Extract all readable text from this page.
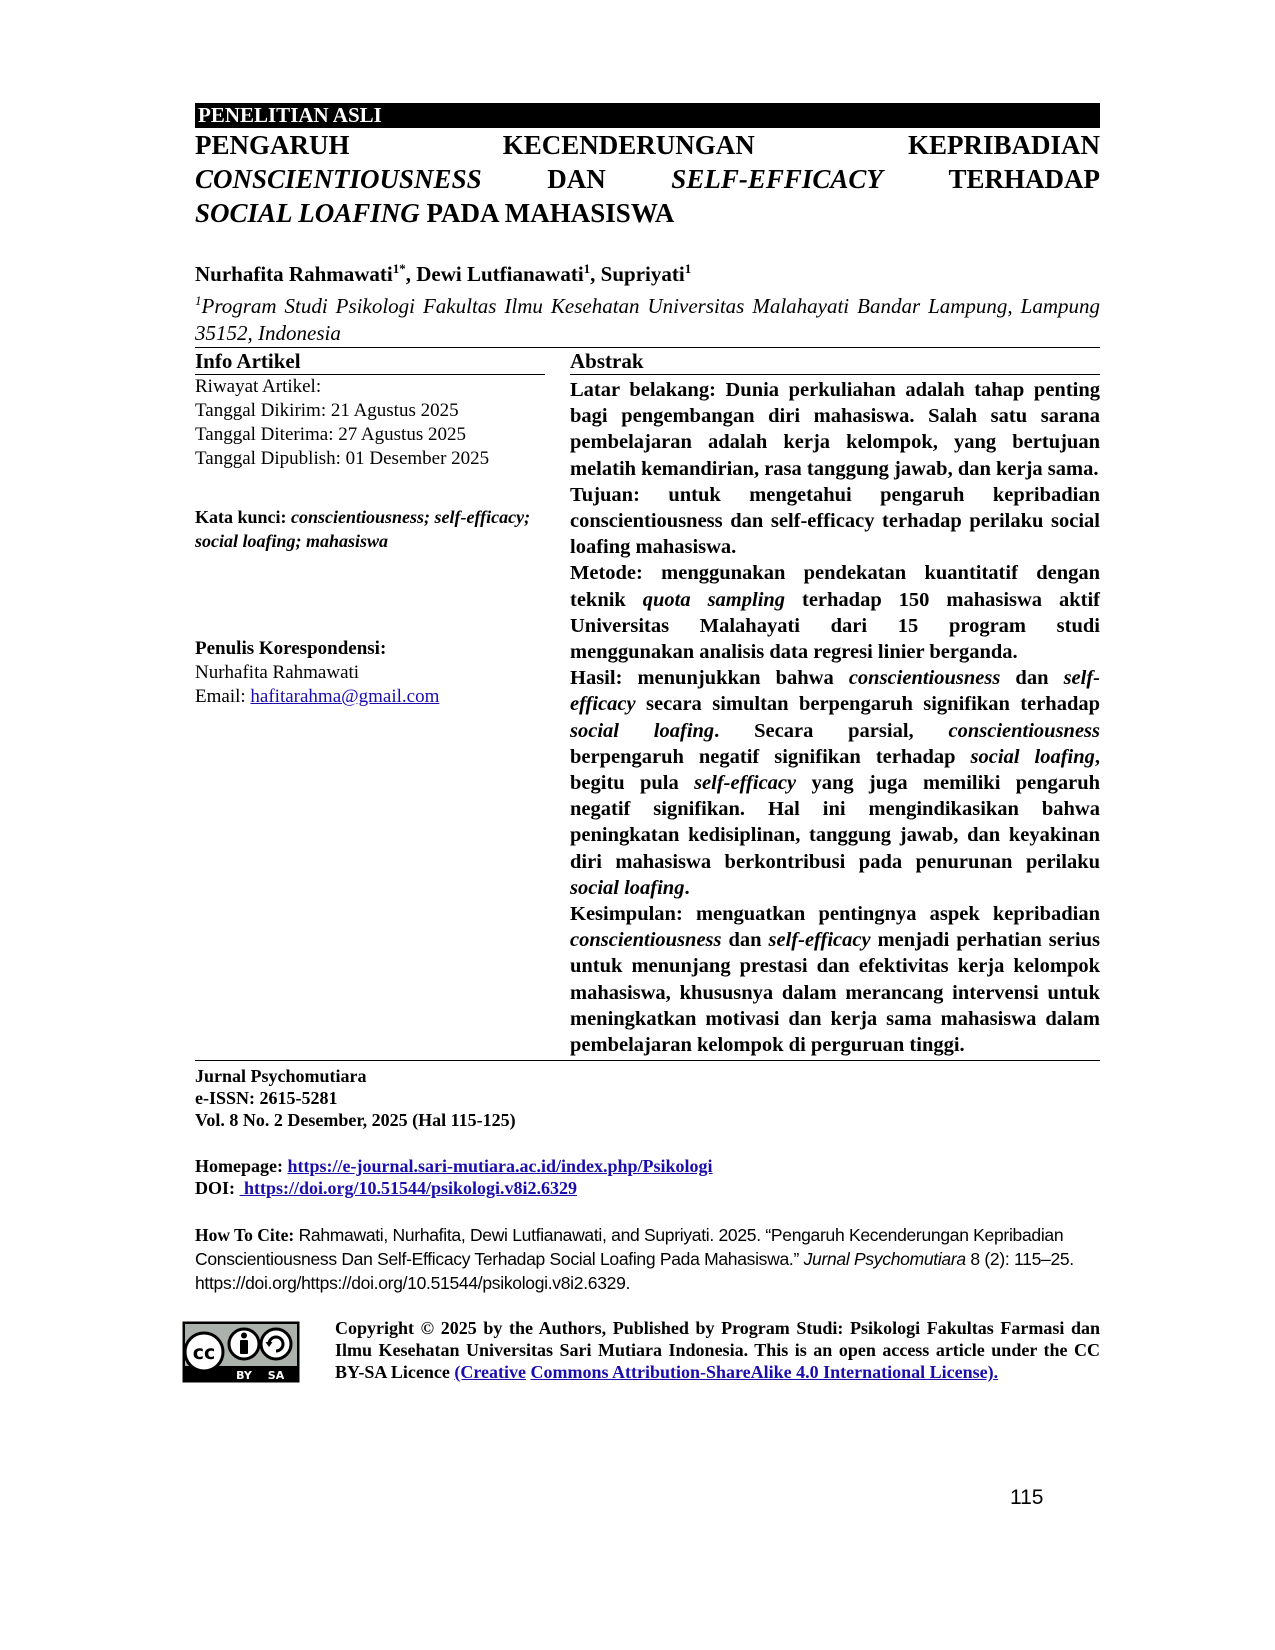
PENELITIAN ASLI
PENGARUH	KECENDERUNGAN	KEPRIBADIAN
CONSCIENTIOUSNESS DAN SELF-EFFICACY TERHADAP
SOCIAL LOAFING PADA MAHASISWA
Nurhafita Rahmawati$^{1*}$, Dewi Lutfianawati$^1$, Supriyati$^1$
$^1$Program Studi Psikologi Fakultas Ilmu Kesehatan Universitas Malahayati Bandar Lampung, Lampung 35152, Indonesia
Info Artikel
Riwayat Artikel:
Tanggal Dikirim: 21 Agustus 2025
Tanggal Diterima: 27 Agustus 2025
Tanggal Dipublish: 01 Desember 2025
Kata kunci: conscientiousness; self-efficacy; social loafing; mahasiswa
Penulis Korespondensi:
Nurhafita Rahmawati
Email: hafitarahma@gmail.com
Abstrak

Latar belakang: Dunia perkuliahan adalah tahap penting bagi pengembangan diri mahasiswa. Salah satu sarana pembelajaran adalah kerja kelompok, yang bertujuan melatih kemandirian, rasa tanggung jawab, dan kerja sama.

Tujuan: untuk mengetahui pengaruh kepribadian conscientiousness dan self-efficacy terhadap perilaku social loafing mahasiswa.

Metode: menggunakan pendekatan kuantitatif dengan teknik quota sampling terhadap 150 mahasiswa aktif Universitas Malahayati dari 15 program studi menggunakan analisis data regresi linier berganda.

Hasil: menunjukkan bahwa conscientiousness dan self-efficacy secara simultan berpengaruh signifikan terhadap social loafing. Secara parsial, conscientiousness berpengaruh negatif signifikan terhadap social loafing, begitu pula self-efficacy yang juga memiliki pengaruh negatif signifikan. Hal ini mengindikasikan bahwa peningkatan kedisiplinan, tanggung jawab, dan keyakinan diri mahasiswa berkontribusi pada penurunan perilaku social loafing.

Kesimpulan: menguatkan pentingnya aspek kepribadian conscientiousness dan self-efficacy menjadi perhatian serius untuk menunjang prestasi dan efektivitas kerja kelompok mahasiswa, khususnya dalam merancang intervensi untuk meningkatkan motivasi dan kerja sama mahasiswa dalam pembelajaran kelompok di perguruan tinggi.

Jurnal Psychomutiara
e-ISSN: 2615-5281
Vol. 8 No. 2 Desember, 2025 (Hal 115-125)
Homepage: https://e-journal.sari-mutiara.ac.id/index.php/Psikologi
DOI:  https://doi.org/10.51544/psikologi.v8i2.6329
How To Cite: Rahmawati, Nurhafita, Dewi Lutfianawati, and Supriyati. 2025. “Pengaruh Kecenderungan Kepribadian Conscientiousness Dan Self-Efficacy Terhadap Social Loafing Pada Mahasiswa.” Jurnal Psychomutiara 8 (2): 115–25. https://doi.org/https://doi.org/10.51544/psikologi.v8i2.6329.
cc
BY SA
Copyright © 2025 by the Authors, Published by Program Studi: Psikologi Fakultas Farmasi dan Ilmu Kesehatan Universitas Sari Mutiara Indonesia. This is an open access article under the CC BY-SA Licence (Creative Commons Attribution-ShareAlike 4.0 International License).
115
